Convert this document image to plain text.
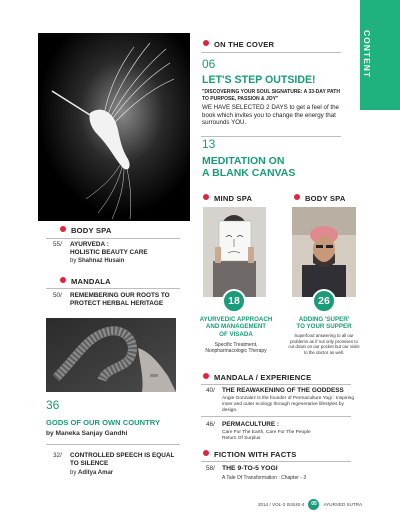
CONTENT
ON THE COVER
06
LET'S STEP OUTSIDE!
"DISCOVERING YOUR SOUL SIGNATURE: A 33-DAY PATH TO PURPOSE, PASSION & JOY"
WE HAVE SELECTED 2 DAYS to get a feel of the book which invites you to change the energy that surrounds YOU.
13
MEDITATION ON
A BLANK CANVAS
MIND SPA
18
AYURVEDIC APPROACH
AND MANAGEMENT
OF VISADA
Specific Treatment,
Nonpharmacologic Therapy
BODY SPA
26
ADDING 'SUPER'
TO YOUR SUPPER
Superfood answering to all our problems as if not only promises to cut down on our pocket but our visits to the doctor as well.
BODY SPA
55/ AYURVEDA :
HOLISTIC BEAUTY CARE
by Shahnaz Husain
MANDALA
50/ REMEMBERING OUR ROOTS TO
PROTECT HERBAL HERITAGE
36
GODS OF OUR OWN COUNTRY
by Maneka Sanjay Gandhi
32/ CONTROLLED SPEECH IS EQUAL
TO SILENCE
by Aditya Amar
MANDALA / EXPERIENCE
40/ THE REAWAKENING OF THE GODDESS
Angie Gonzalez is the founder of Permaculture Yogi : Inspiring inner and outer ecology through regenerative lifestyles by design.
46/ PERMACULTURE :
Care For The Earth, Care For The People
Return Of Surplus
FICTION WITH FACTS
58/ THE 9-TO-5 YOGI
A Tale Of Transformation : Chapter - 3
2014 / VOL-2 ISSUE-4	05	AYURVED SUTRA
